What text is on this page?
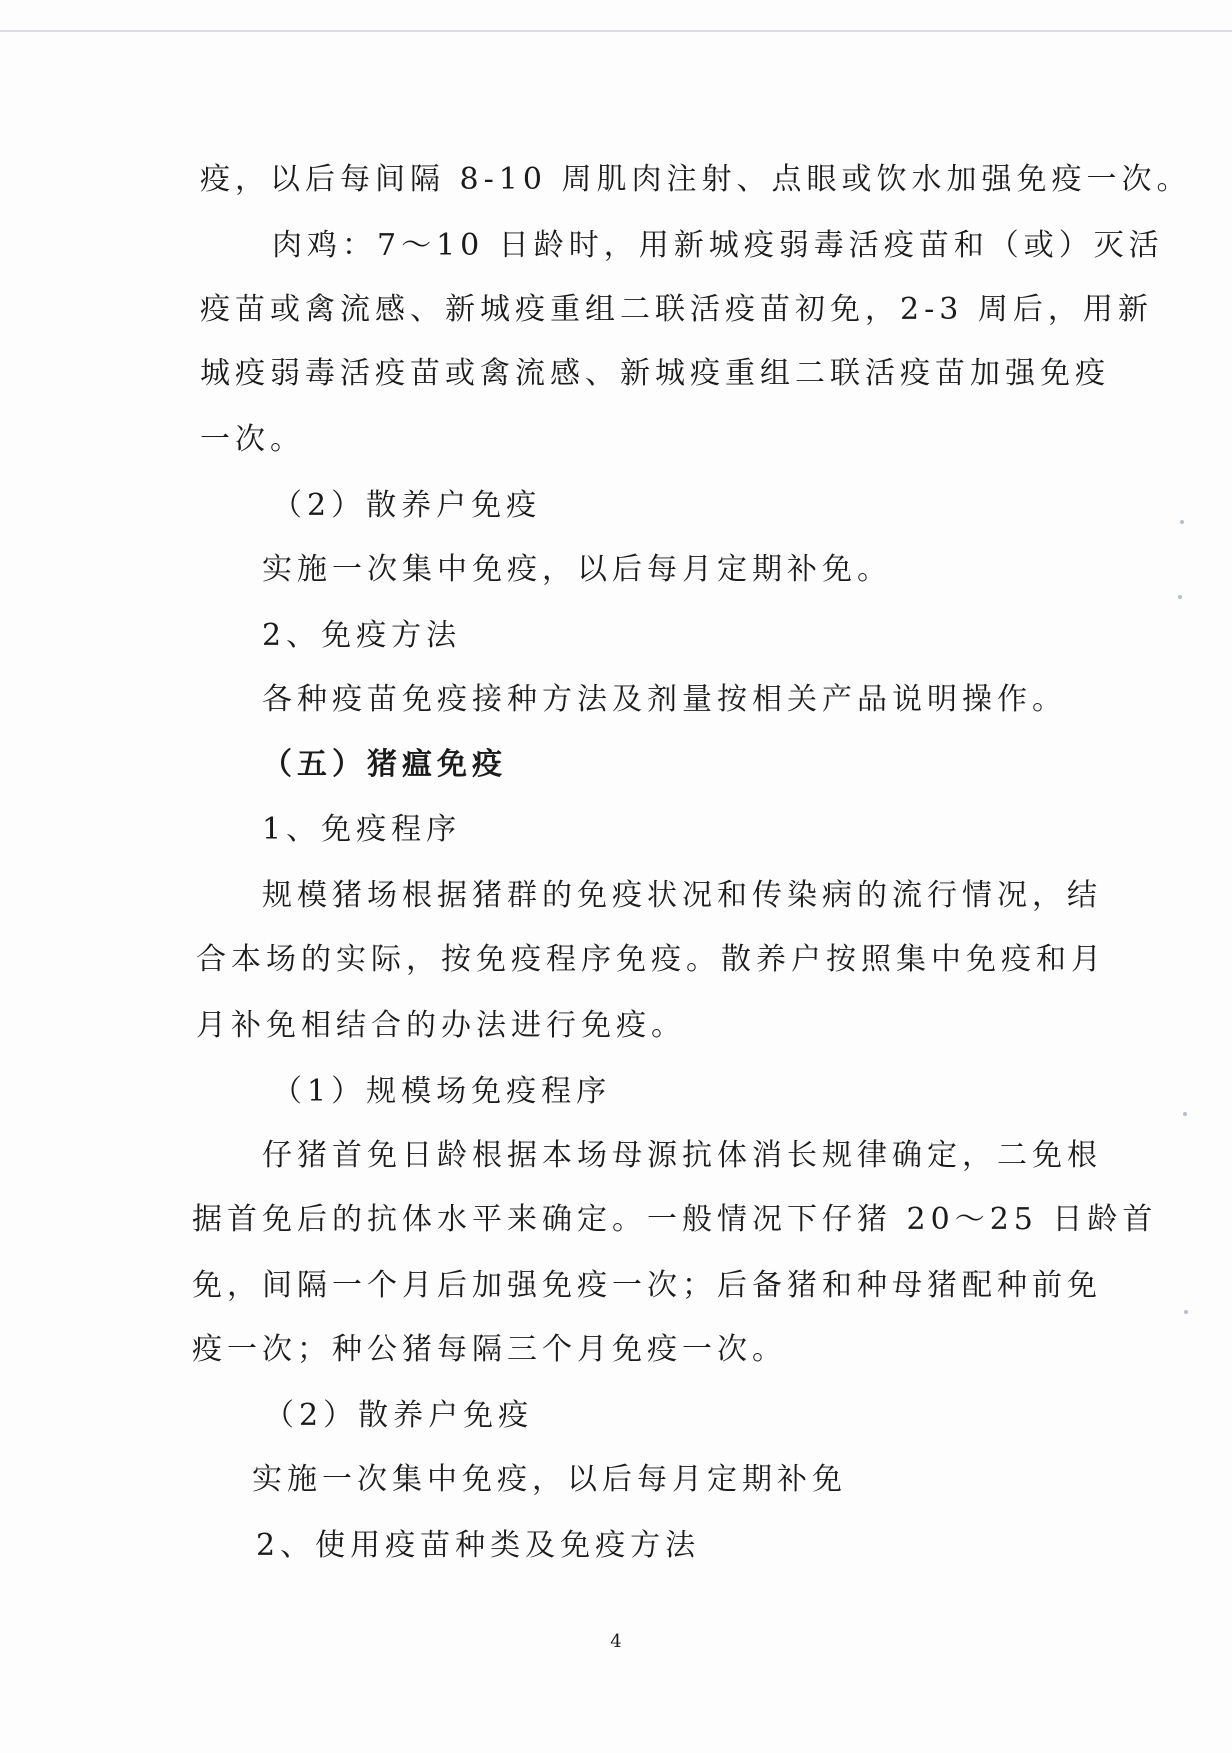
疫，以后每间隔 8-10 周肌肉注射、点眼或饮水加强免疫一次。
肉鸡：7～10 日龄时，用新城疫弱毒活疫苗和（或）灭活
疫苗或禽流感、新城疫重组二联活疫苗初免，2-3 周后，用新
城疫弱毒活疫苗或禽流感、新城疫重组二联活疫苗加强免疫
一次。
（2）散养户免疫
实施一次集中免疫，以后每月定期补免。
2、免疫方法
各种疫苗免疫接种方法及剂量按相关产品说明操作。
（五）猪瘟免疫
1、免疫程序
规模猪场根据猪群的免疫状况和传染病的流行情况，结
合本场的实际，按免疫程序免疫。散养户按照集中免疫和月
月补免相结合的办法进行免疫。
（1）规模场免疫程序
仔猪首免日龄根据本场母源抗体消长规律确定，二免根
据首免后的抗体水平来确定。一般情况下仔猪 20～25 日龄首
免，间隔一个月后加强免疫一次；后备猪和种母猪配种前免
疫一次；种公猪每隔三个月免疫一次。
（2）散养户免疫
实施一次集中免疫，以后每月定期补免
2、使用疫苗种类及免疫方法
4
